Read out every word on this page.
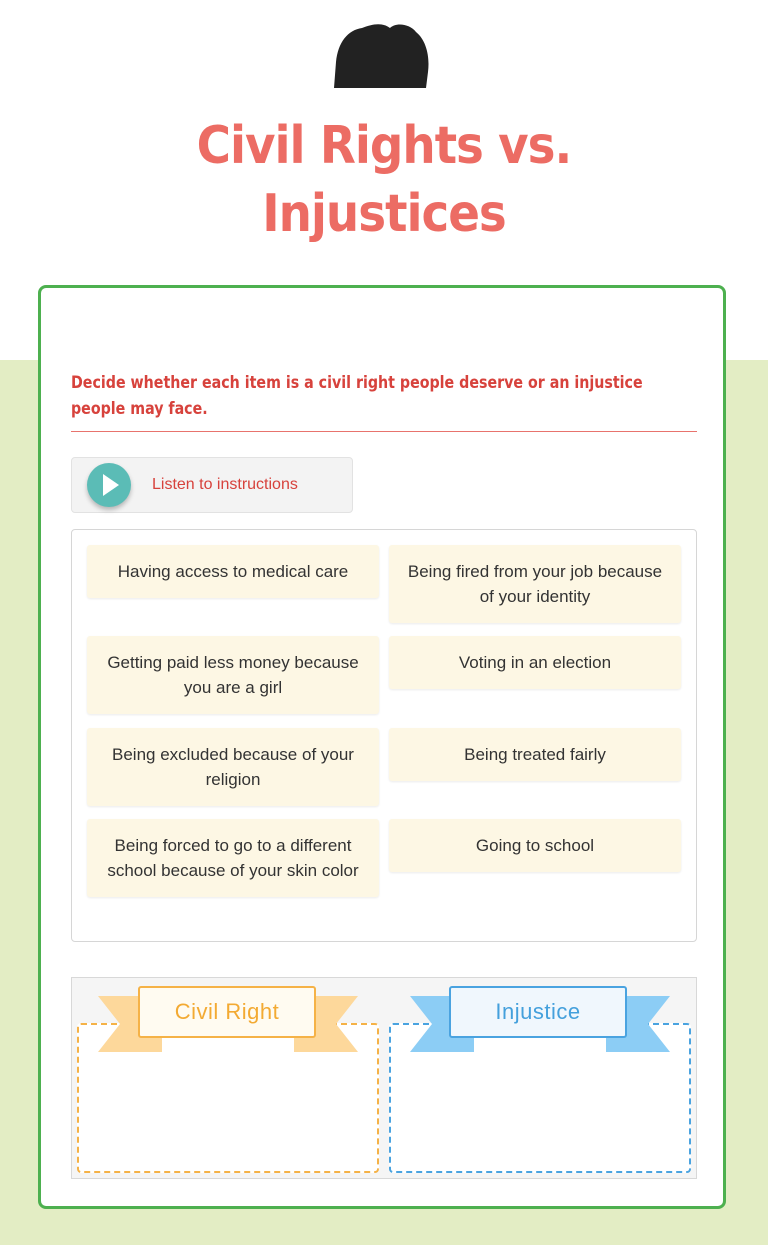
Civil Rights vs.
Injustices
Decide whether each item is a civil right people deserve or an injustice people may face.
Listen to instructions
Having access to medical care	Being fired from your job because of your identity
Getting paid less money because you are a girl
Voting in an election
Being excluded because of your religion
Being treated fairly
Being forced to go to a different school because of your skin color
Going to school
Civil Right	Injustice
